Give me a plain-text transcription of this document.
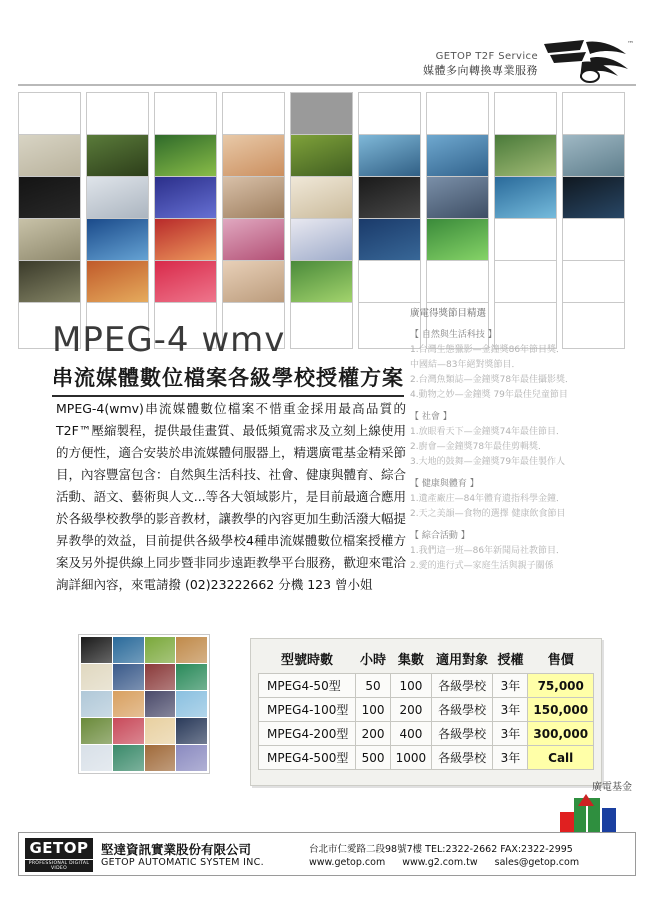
GETOP T2F Service
媒體多向轉換專業服務
™
MPEG-4 wmv
串流媒體數位檔案各級學校授權方案
MPEG-4(wmv)串流媒體數位檔案不惜重金採用最高品質的T2F™壓縮製程，提供最佳畫質、最低頻寬需求及立刻上線使用的方便性，適合安裝於串流媒體伺服器上，精選廣電基金精采節目，內容豐富包含：自然與生活科技、社會、健康與體育、綜合活動、語文、藝術與人文...等各大領域影片，是目前最適合應用於各級學校教學的影音教材，讓教學的內容更加生動活潑大幅提昇教學的效益，目前提供各級學校4種串流媒體數位檔案授權方案及另外提供線上同步暨非同步遠距教學平台服務，歡迎來電洽詢詳細內容，來電請撥 (02)23222662 分機 123 曾小姐
廣電得獎節目精選
【 自然與生活科技 】
1.台灣生態獵影—金鐘獎86年節目獎．
中國結—83年絕對獎節目．
2.台灣魚類誌—金鐘獎78年最佳攝影獎．
4.動物之妙—金鐘獎 79年最佳兒童節目
【 社會 】
1.放眼看天下—金鐘獎74年最佳節目．
2.廚會—金鐘獎78年最佳剪輯獎．
3.大地的鼓舞—金鐘獎79年最佳製作人
【 健康與體育 】
1.遺產廠庄—84年體育遺指科學金鐘．
2.天之美韻—食物的選擇 健康飲食節目
【 綜合活動 】
1.我們這一班—86年新聞局社教節目．
2.愛的進行式—家庭生活與親子關係
型號時數	小時	集數	適用對象	授權	售價
MPEG4-50型	50	100	各級學校	3年	75,000
MPEG4-100型	100	200	各級學校	3年	150,000
MPEG4-200型	200	400	各級學校	3年	300,000
MPEG4-500型	500	1000	各級學校	3年	Call
廣電基金
GETOP
PROFESSIONAL DIGITAL VIDEO
堅達資訊實業股份有限公司
GETOP AUTOMATIC SYSTEM INC.
台北市仁愛路二段98號7樓 TEL:2322-2662 FAX:2322-2995
www.getop.com www.g2.com.tw sales@getop.com
